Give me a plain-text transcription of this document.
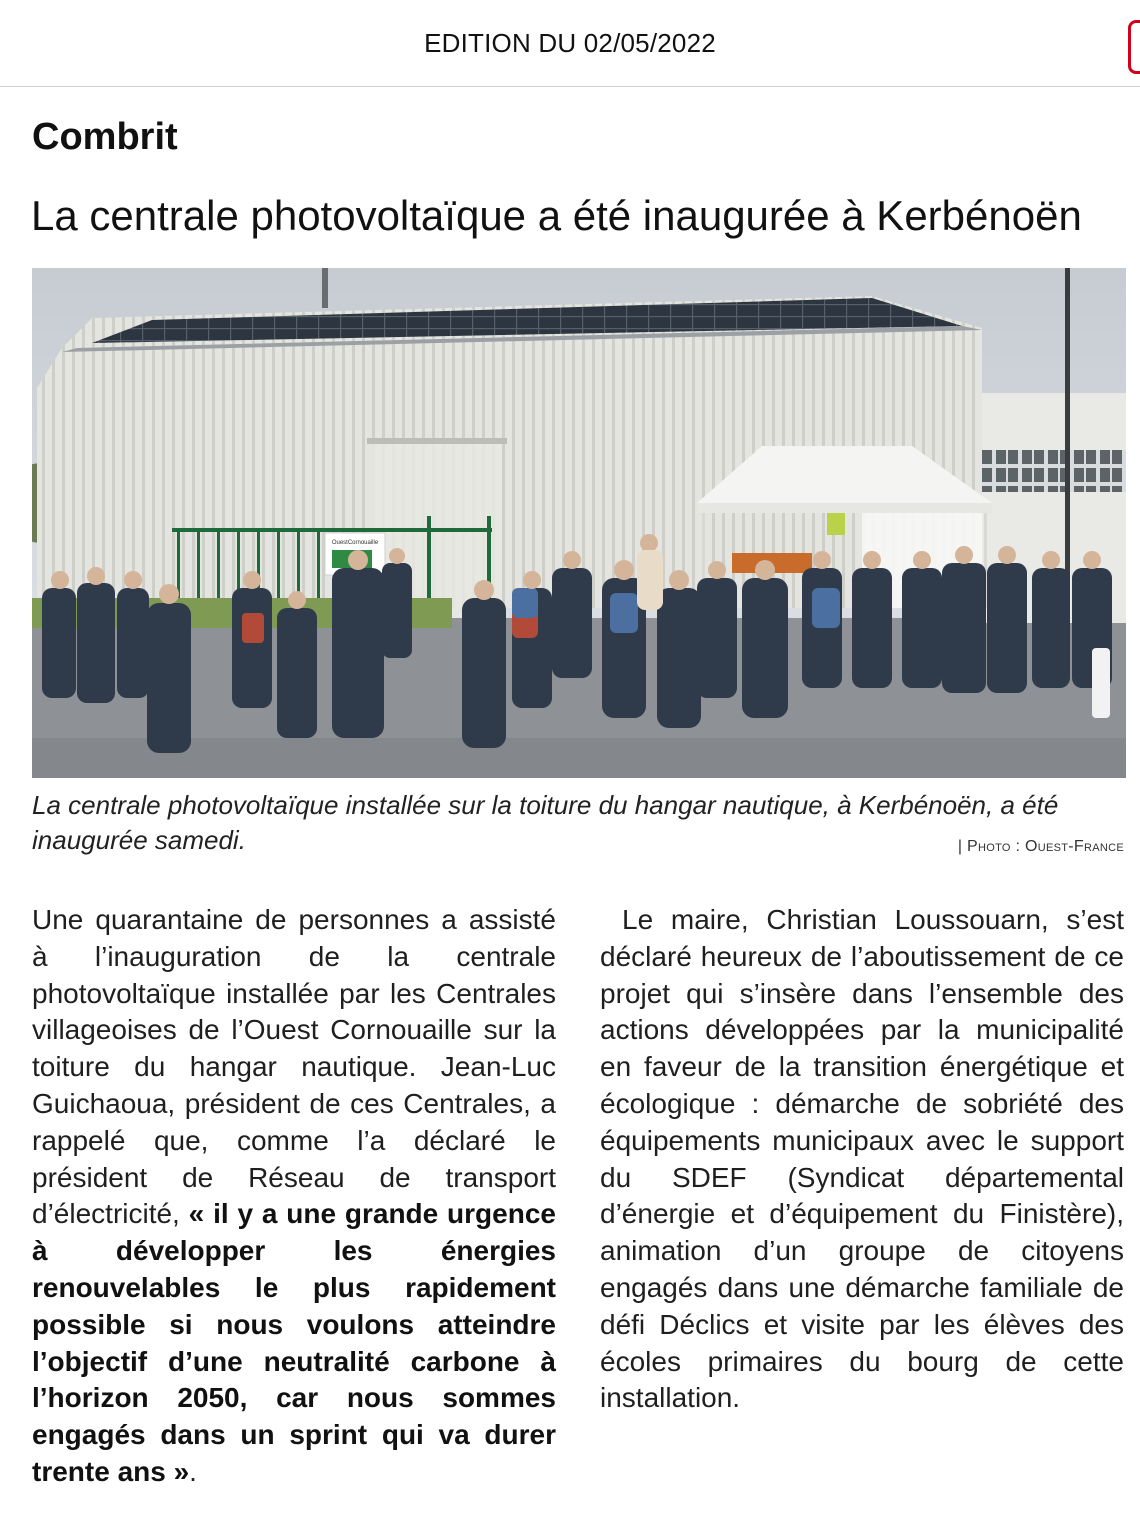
EDITION DU 02/05/2022
Combrit
La centrale photovoltaïque a été inaugurée à Kerbénoën
OuestCornouaille
La centrale photovoltaïque installée sur la toiture du hangar nautique, à Kerbénoën, a été inaugurée samedi.	| Photo : Ouest-France

Une quarantaine de personnes a assisté à l’inauguration de la centrale photovoltaïque installée par les Centrales villageoises de l’Ouest Cornouaille sur la toiture du hangar nautique. Jean-Luc Guichaoua, président de ces Centrales, a rappelé que, comme l’a déclaré le président de Réseau de transport d’électricité, « il y a une grande urgence à développer les énergies renouvelables le plus rapidement possible si nous voulons atteindre l’objectif d’une neutralité carbone à l’horizon 2050, car nous sommes engagés dans un sprint qui va durer trente ans ».

Le maire, Christian Loussouarn, s’est déclaré heureux de l’aboutissement de ce projet qui s’insère dans l’ensemble des actions développées par la municipalité en faveur de la transition énergétique et écologique : démarche de sobriété des équipements municipaux avec le support du SDEF (Syndicat départemental d’énergie et d’équipement du Finistère), animation d’un groupe de citoyens engagés dans une démarche familiale de défi Déclics et visite par les élèves des écoles primaires du bourg de cette installation.
